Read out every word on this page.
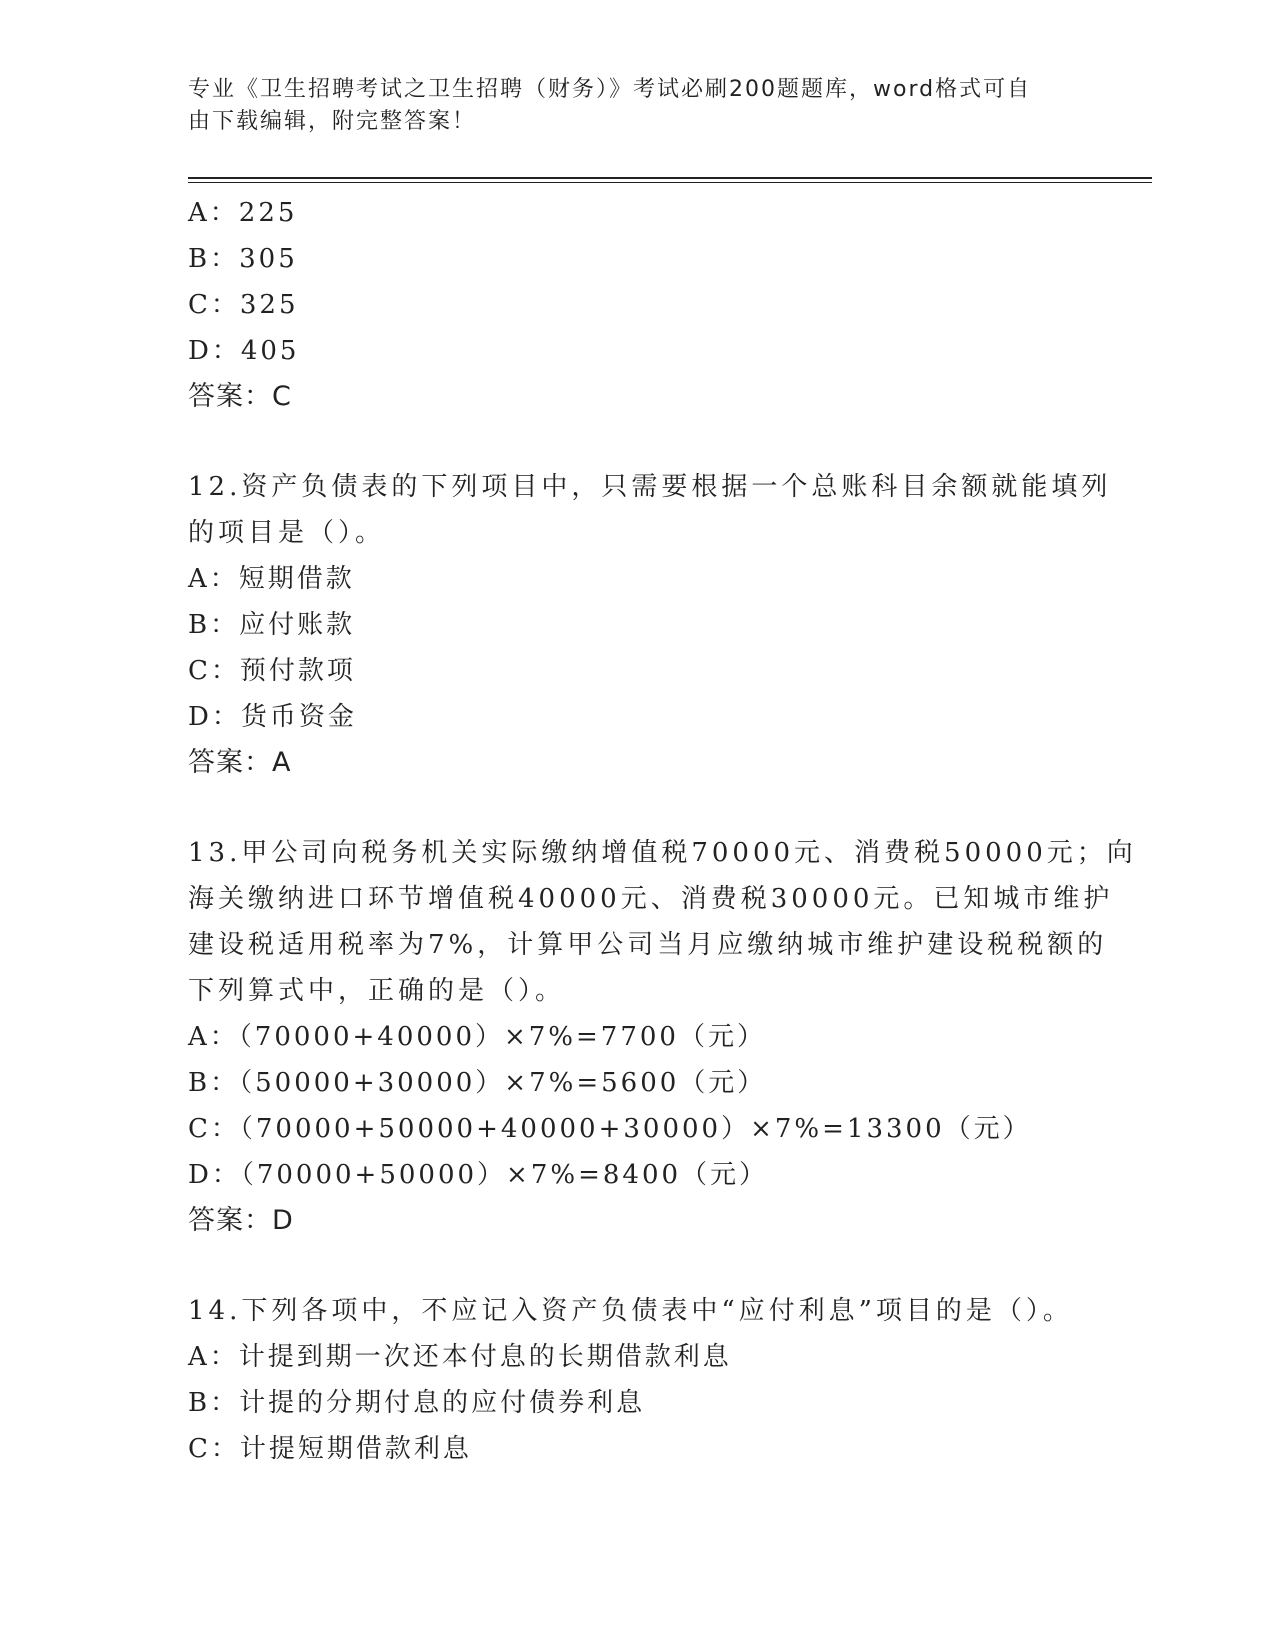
专业《卫生招聘考试之卫生招聘（财务）》考试必刷200题题库，word格式可自
由下载编辑，附完整答案！
A：225
B：305
C：325
D：405
答案：C
12.资产负债表的下列项目中，只需要根据一个总账科目余额就能填列
的项目是（）。
A：短期借款
B：应付账款
C：预付款项
D：货币资金
答案：A
13.甲公司向税务机关实际缴纳增值税70000元、消费税50000元；向
海关缴纳进口环节增值税40000元、消费税30000元。已知城市维护
建设税适用税率为7%，计算甲公司当月应缴纳城市维护建设税税额的
下列算式中，正确的是（）。
A：（70000+40000）×7%=7700（元）
B：（50000+30000）×7%=5600（元）
C：（70000+50000+40000+30000）×7%=13300（元）
D：（70000+50000）×7%=8400（元）
答案：D
14.下列各项中，不应记入资产负债表中“应付利息”项目的是（）。
A：计提到期一次还本付息的长期借款利息
B：计提的分期付息的应付债券利息
C：计提短期借款利息
